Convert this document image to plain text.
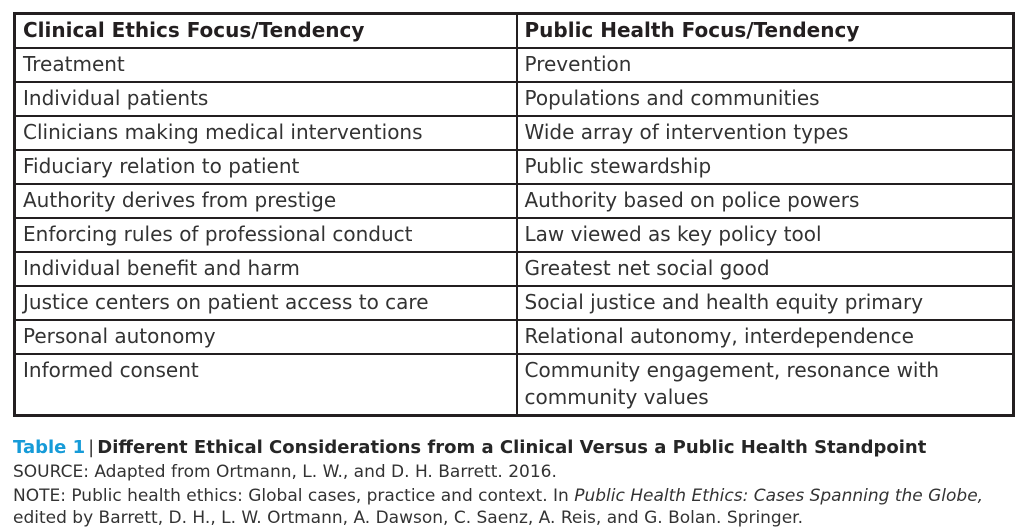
Clinical Ethics Focus/Tendency	Public Health Focus/Tendency
Treatment	Prevention
Individual patients	Populations and communities
Clinicians making medical interventions	Wide array of intervention types
Fiduciary relation to patient	Public stewardship
Authority derives from prestige	Authority based on police powers
Enforcing rules of professional conduct	Law viewed as key policy tool
Individual benefit and harm	Greatest net social good
Justice centers on patient access to care	Social justice and health equity primary
Personal autonomy	Relational autonomy, interdependence
Informed consent	Community engagement, resonance with community values

Table 1 | Different Ethical Considerations from a Clinical Versus a Public Health Standpoint

SOURCE: Adapted from Ortmann, L. W., and D. H. Barrett. 2016.

NOTE: Public health ethics: Global cases, practice and context. In Public Health Ethics: Cases Spanning the Globe,
edited by Barrett, D. H., L. W. Ortmann, A. Dawson, C. Saenz, A. Reis, and G. Bolan. Springer.
